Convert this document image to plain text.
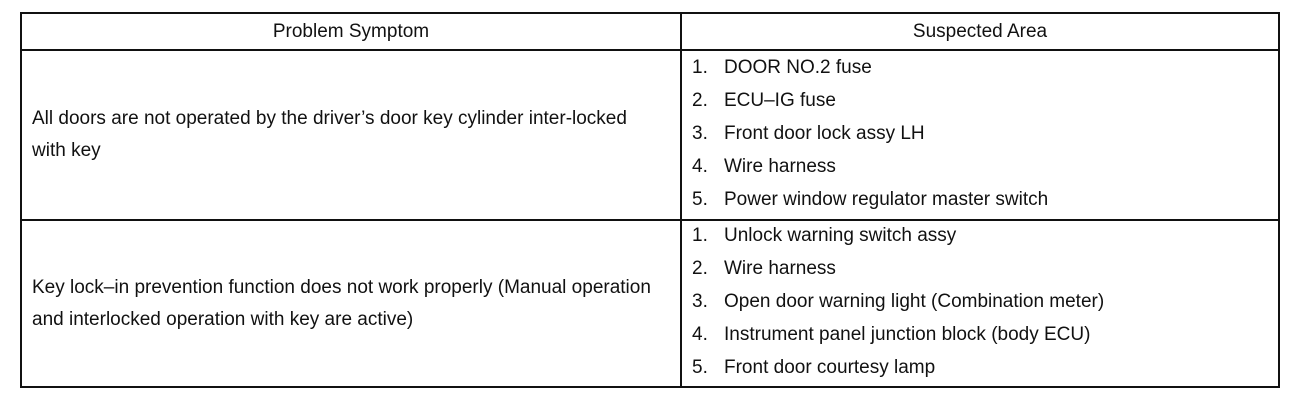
Problem Symptom	Suspected Area
All doors are not operated by the driver’s door key cylinder inter-locked with key
1. DOOR NO.2 fuse
2. ECU–IG fuse
3. Front door lock assy LH
4. Wire harness
5. Power window regulator master switch
Key lock–in prevention function does not work properly (Manual operation and interlocked operation with key are active)
1. Unlock warning switch assy
2. Wire harness
3. Open door warning light (Combination meter)
4. Instrument panel junction block (body ECU)
5. Front door courtesy lamp
